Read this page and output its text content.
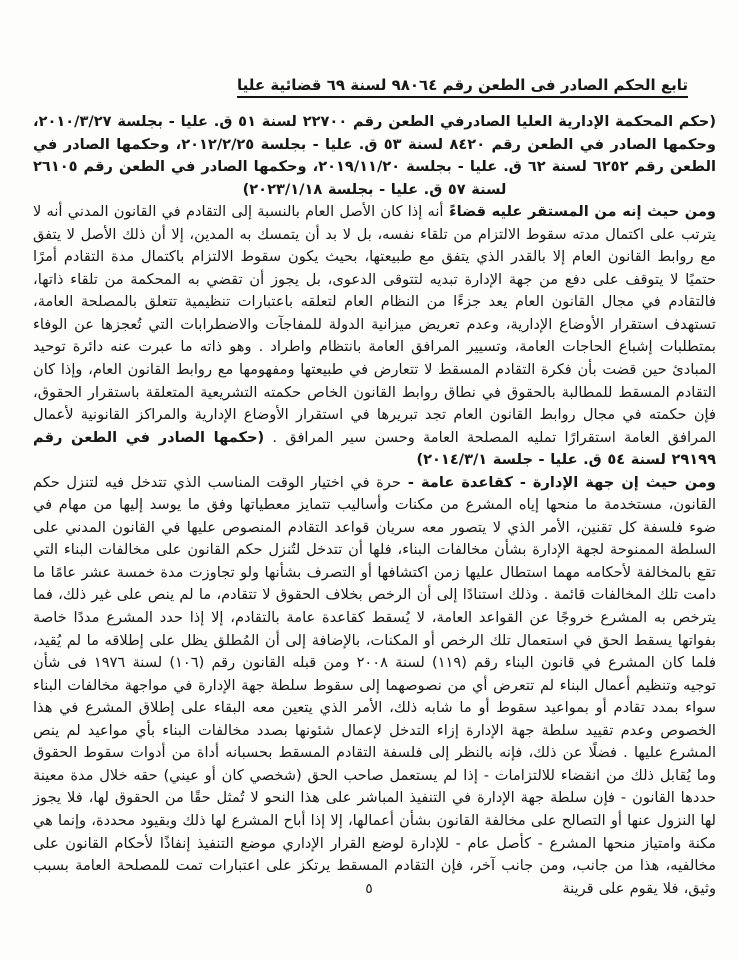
تابع الحكم الصادر فى الطعن رقم ٩٨٠٦٤ لسنة ٦٩ قضائية عليا

(حكم المحكمة الإدارية العليا الصادرفي الطعن رقم ٢٢٧٠٠ لسنة ٥١ ق. عليا - بجلسة ٢٠١٠/٣/٢٧، وحكمها الصادر في الطعن رقم ٨٤٢٠ لسنة ٥٣ ق. عليا - بجلسة ٢٠١٢/٢/٢٥، وحكمها الصادر في الطعن رقم ٦٢٥٢ لسنة ٦٢ ق. عليا - بجلسة ٢٠١٩/١١/٢٠، وحكمها الصادر في الطعن رقم ٢٦١٠٥ لسنة ٥٧ ق. عليا - بجلسة ٢٠٢٣/١/١٨)

ومن حيث إنه من المستقر عليه قضاءً أنه إذا كان الأصل العام بالنسبة إلى التقادم في القانون المدني أنه لا يترتب على اكتمال مدته سقوط الالتزام من تلقاء نفسه، بل لا بد أن يتمسك به المدين، إلا أن ذلك الأصل لا يتفق مع روابط القانون العام إلا بالقدر الذي يتفق مع طبيعتها، بحيث يكون سقوط الالتزام باكتمال مدة التقادم أمرًا حتميًا لا يتوقف على دفع من جهة الإدارة تبديه لتتوقى الدعوى، بل يجوز أن تقضي به المحكمة من تلقاء ذاتها، فالتقادم في مجال القانون العام يعد جزءًا من النظام العام لتعلقه باعتبارات تنظيمية تتعلق بالمصلحة العامة، تستهدف استقرار الأوضاع الإدارية، وعدم تعريض ميزانية الدولة للمفاجآت والاضطرابات التي تُعجزها عن الوفاء بمتطلبات إشباع الحاجات العامة، وتسيير المرافق العامة بانتظام واطراد . وهو ذاته ما عبرت عنه دائرة توحيد المبادئ حين قضت بأن فكرة التقادم المسقط لا تتعارض في طبيعتها ومفهومها مع روابط القانون العام، وإذا كان التقادم المسقط للمطالبة بالحقوق في نطاق روابط القانون الخاص حكمته التشريعية المتعلقة باستقرار الحقوق، فإن حكمته في مجال روابط القانون العام تجد تبريرها في استقرار الأوضاع الإدارية والمراكز القانونية لأعمال المرافق العامة استقرارًا تمليه المصلحة العامة وحسن سير المرافق . (حكمها الصادر في الطعن رقم ٢٩١٩٩ لسنة ٥٤ ق. عليا - جلسة ٢٠١٤/٣/١)

ومن حيث إن جهة الإدارة - كقاعدة عامة - حرة في اختيار الوقت المناسب الذي تتدخل فيه لتنزل حكم القانون، مستخدمة ما منحها إياه المشرع من مكنات وأساليب تتمايز معطياتها وفق ما يوسد إليها من مهام في ضوء فلسفة كل تقنين، الأمر الذي لا يتصور معه سريان قواعد التقادم المنصوص عليها في القانون المدني على السلطة الممنوحة لجهة الإدارة بشأن مخالفات البناء، فلها أن تتدخل لتُنزل حكم القانون على مخالفات البناء التي تقع بالمخالفة لأحكامه مهما استطال عليها زمن اكتشافها أو التصرف بشأنها ولو تجاوزت مدة خمسة عشر عامًا ما دامت تلك المخالفات قائمة . وذلك استنادًا إلى أن الرخص بخلاف الحقوق لا تتقادم، ما لم ينص على غير ذلك، فما يترخص به المشرع خروجًا عن القواعد العامة، لا يُسقط كقاعدة عامة بالتقادم، إلا إذا حدد المشرع مددًا خاصة بفواتها يسقط الحق في استعمال تلك الرخص أو المكنات، بالإضافة إلى أن المُطلق يظل على إطلاقه ما لم يُقيد، فلما كان المشرع في قانون البناء رقم (١١٩) لسنة ٢٠٠٨ ومن قبله القانون رقم (١٠٦) لسنة ١٩٧٦ فى شأن توجيه وتنظيم أعمال البناء لم تتعرض أي من نصوصهما إلى سقوط سلطة جهة الإدارة في مواجهة مخالفات البناء سواء بمدد تقادم أو بمواعيد سقوط أو ما شابه ذلك، الأمر الذي يتعين معه البقاء على إطلاق المشرع في هذا الخصوص وعدم تقييد سلطة جهة الإدارة إزاء التدخل لإعمال شئونها بصدد مخالفات البناء بأي مواعيد لم ينص المشرع عليها . فضلًا عن ذلك، فإنه بالنظر إلى فلسفة التقادم المسقط بحسبانه أداة من أدوات سقوط الحقوق وما يُقابل ذلك من انقضاء للالتزامات - إذا لم يستعمل صاحب الحق (شخصي كان أو عيني) حقه خلال مدة معينة حددها القانون - فإن سلطة جهة الإدارة في التنفيذ المباشر على هذا النحو لا تُمثل حقًا من الحقوق لها، فلا يجوز لها النزول عنها أو التصالح على مخالفة القانون بشأن أعمالها، إلا إذا أباح المشرع لها ذلك وبقيود محددة، وإنما هي مكنة وامتياز منحها المشرع - كأصل عام - للإدارة لوضع القرار الإداري موضع التنفيذ إنفاذًا لأحكام القانون على مخالفيه، هذا من جانب، ومن جانب آخر، فإن التقادم المسقط يرتكز على اعتبارات تمت للمصلحة العامة بسبب وثيق، فلا يقوم على قرينة

٥
